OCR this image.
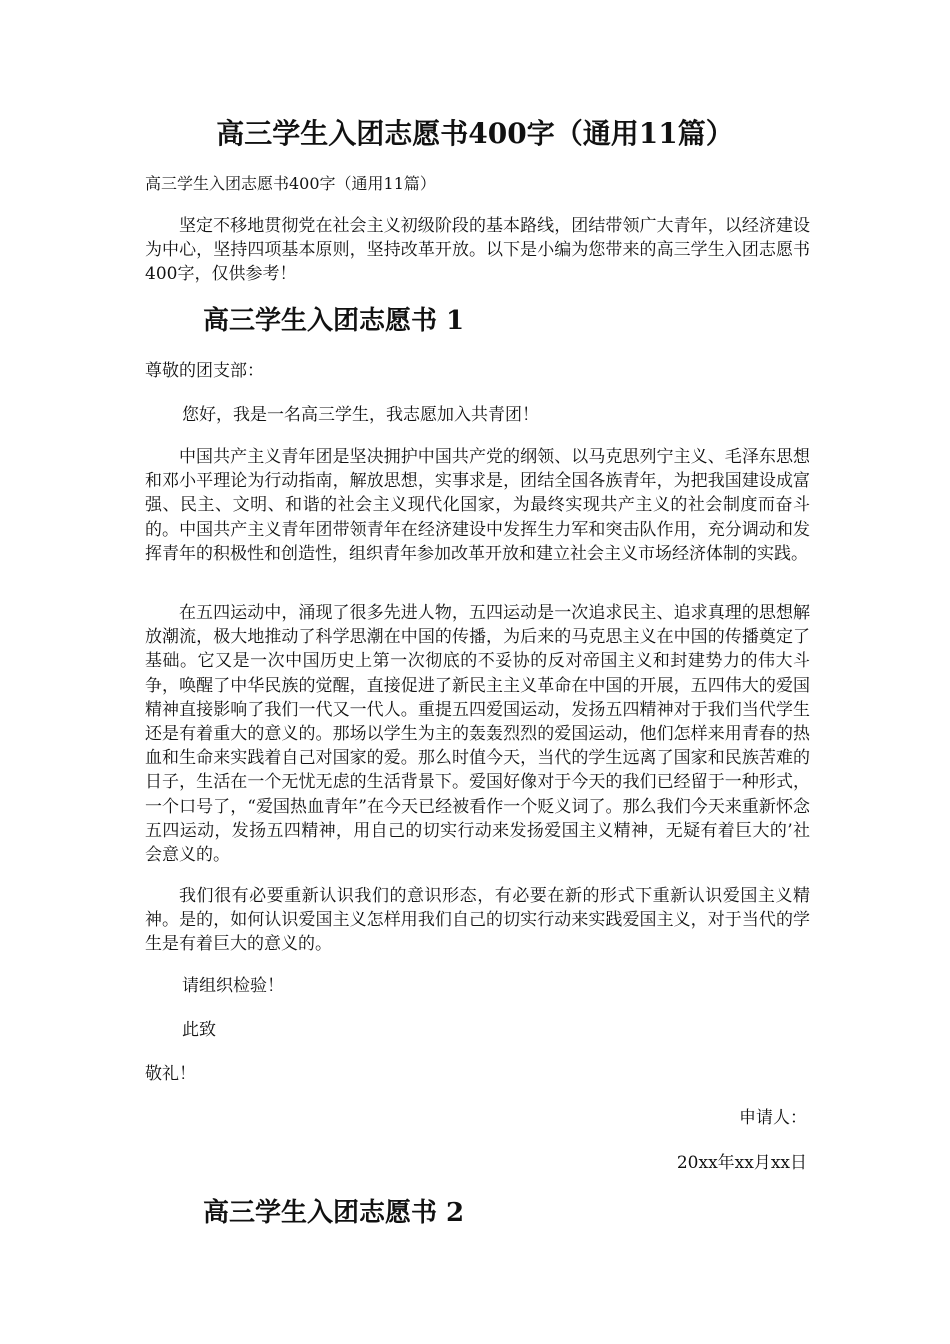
高三学生入团志愿书400字（通用11篇）
高三学生入团志愿书400字（通用11篇）

坚定不移地贯彻党在社会主义初级阶段的基本路线，团结带领广大青年，以经济建设为中心，坚持四项基本原则，坚持改革开放。以下是小编为您带来的高三学生入团志愿书400字，仅供参考！

高三学生入团志愿书 1
尊敬的团支部：
您好，我是一名高三学生，我志愿加入共青团！

中国共产主义青年团是坚决拥护中国共产党的纲领、以马克思列宁主义、毛泽东思想和邓小平理论为行动指南，解放思想，实事求是，团结全国各族青年，为把我国建设成富强、民主、文明、和谐的社会主义现代化国家，为最终实现共产主义的社会制度而奋斗的。中国共产主义青年团带领青年在经济建设中发挥生力军和突击队作用，充分调动和发挥青年的积极性和创造性，组织青年参加改革开放和建立社会主义市场经济体制的实践。

在五四运动中，涌现了很多先进人物，五四运动是一次追求民主、追求真理的思想解放潮流，极大地推动了科学思潮在中国的传播，为后来的马克思主义在中国的传播奠定了基础。它又是一次中国历史上第一次彻底的不妥协的反对帝国主义和封建势力的伟大斗争，唤醒了中华民族的觉醒，直接促进了新民主主义革命在中国的开展，五四伟大的爱国精神直接影响了我们一代又一代人。重提五四爱国运动，发扬五四精神对于我们当代学生还是有着重大的意义的。那场以学生为主的轰轰烈烈的爱国运动，他们怎样来用青春的热血和生命来实践着自己对国家的爱。那么时值今天，当代的学生远离了国家和民族苦难的日子，生活在一个无忧无虑的生活背景下。爱国好像对于今天的我们已经留于一种形式，一个口号了，“爱国热血青年”在今天已经被看作一个贬义词了。那么我们今天来重新怀念五四运动，发扬五四精神，用自己的切实行动来发扬爱国主义精神，无疑有着巨大的’社会意义的。

我们很有必要重新认识我们的意识形态，有必要在新的形式下重新认识爱国主义精神。是的，如何认识爱国主义怎样用我们自己的切实行动来实践爱国主义，对于当代的学生是有着巨大的意义的。

请组织检验！
此致
敬礼！
申请人：
20xx年xx月xx日
高三学生入团志愿书 2
